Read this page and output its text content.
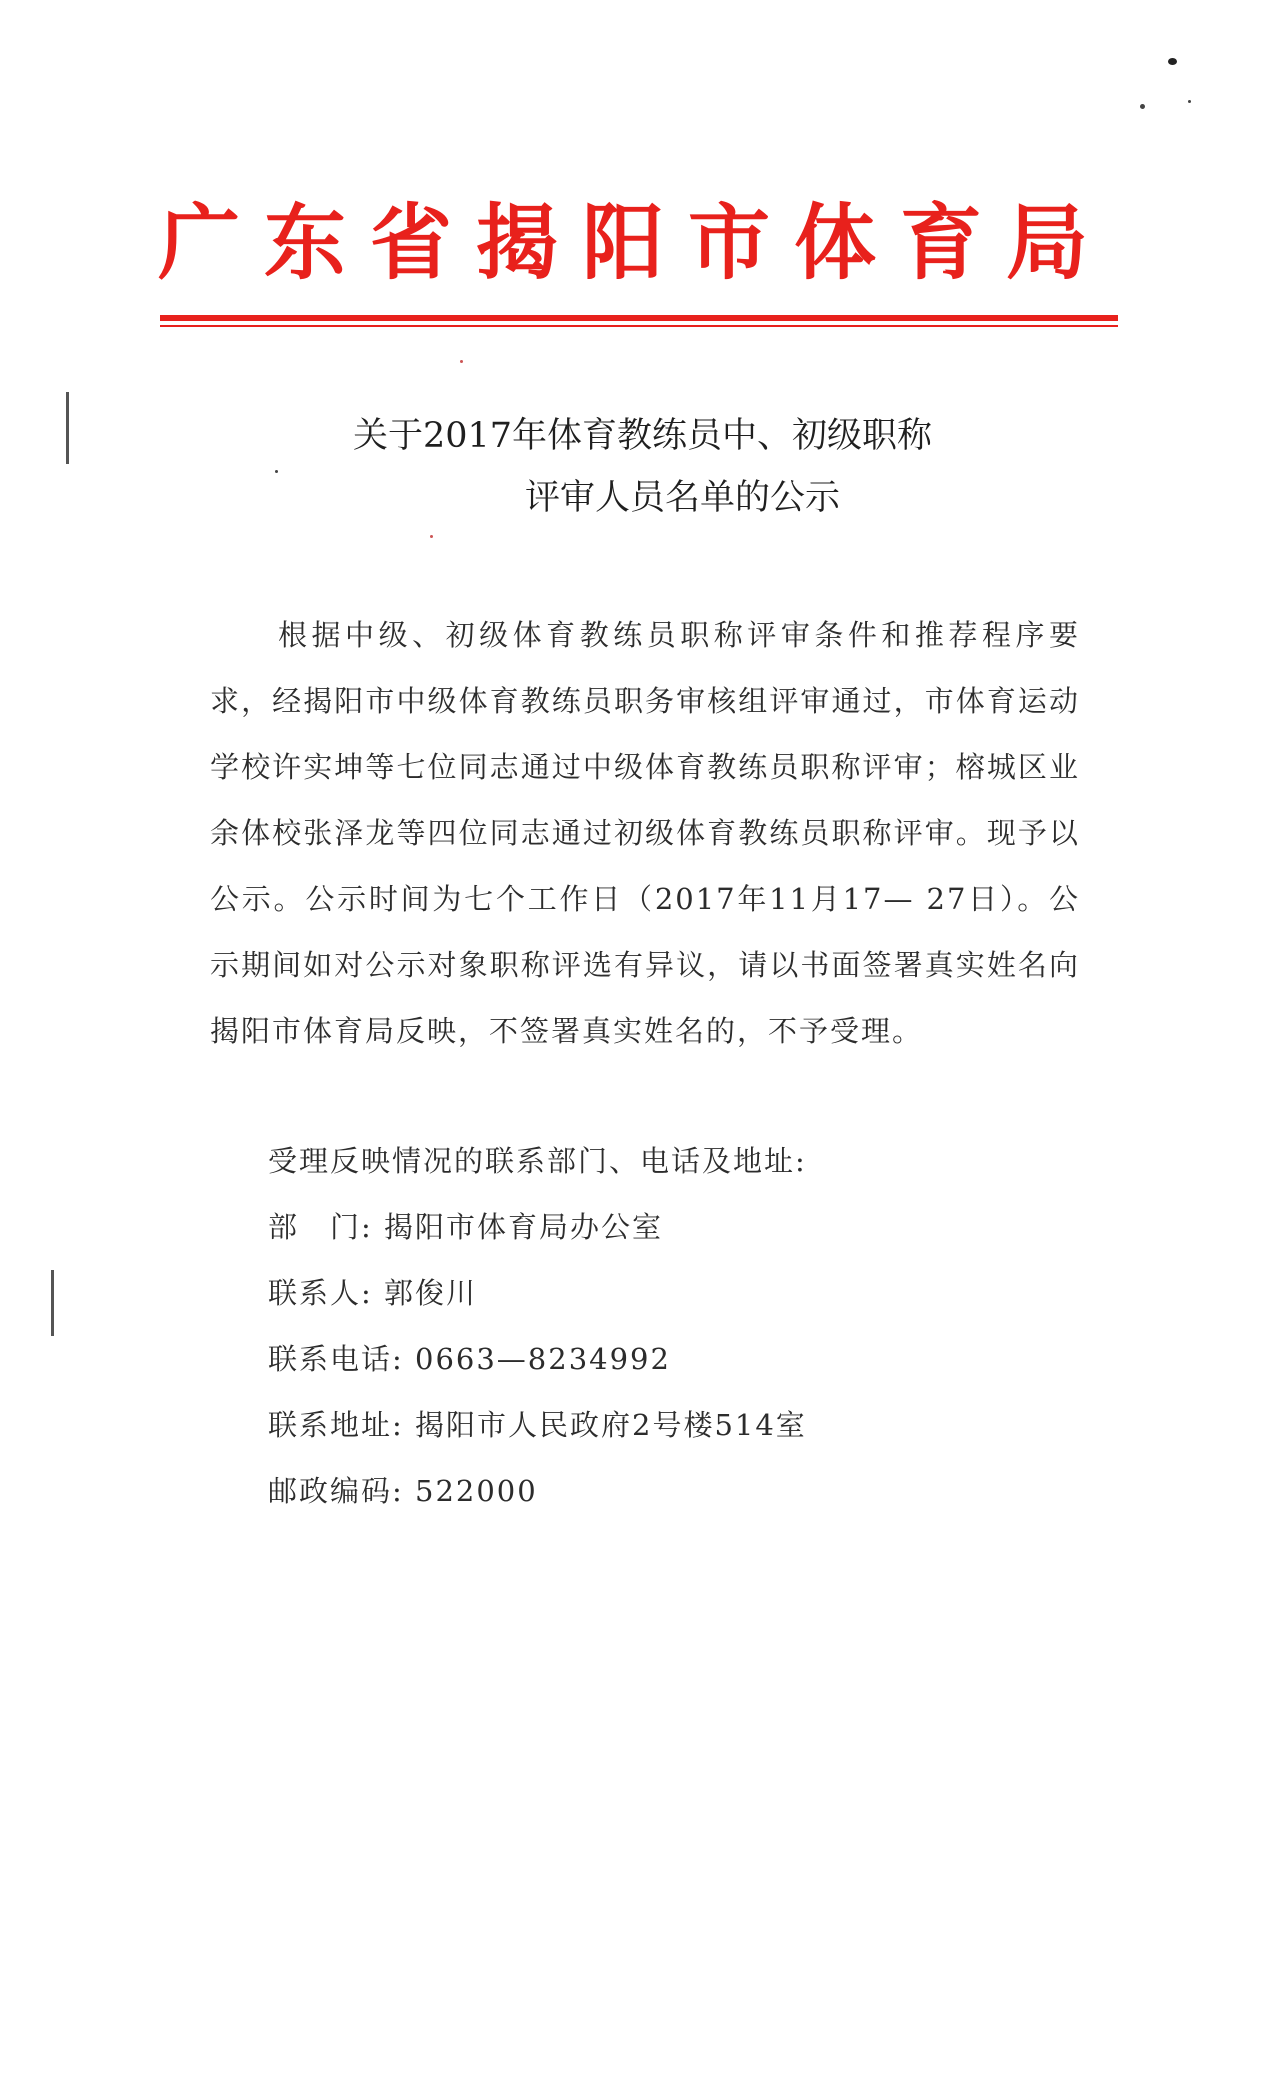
广东省揭阳市体育局
关于2017年体育教练员中、初级职称
评审人员名单的公示
根据中级、初级体育教练员职称评审条件和推荐程序要求，经揭阳市中级体育教练员职务审核组评审通过，市体育运动学校许实坤等七位同志通过中级体育教练员职称评审；榕城区业余体校张泽龙等四位同志通过初级体育教练员职称评审。现予以公示。公示时间为七个工作日（2017年11月17— 27日）。公示期间如对公示对象职称评选有异议，请以书面签署真实姓名向揭阳市体育局反映，不签署真实姓名的，不予受理。
受理反映情况的联系部门、电话及地址:
部　门: 揭阳市体育局办公室
联系人: 郭俊川
联系电话: 0663—8234992
联系地址: 揭阳市人民政府2号楼514室
邮政编码: 522000
